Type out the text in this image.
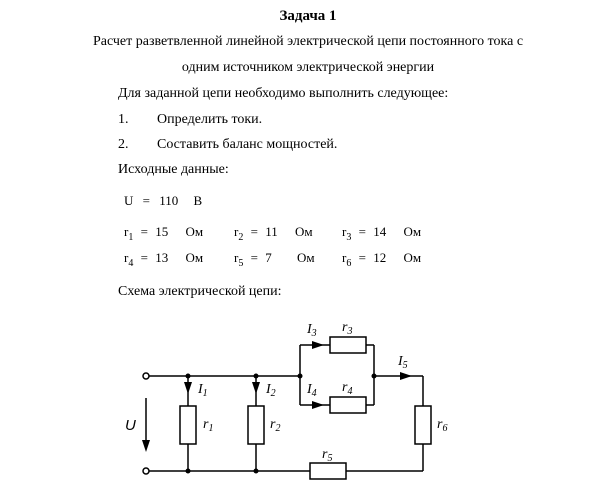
Задача 1
Расчет разветвленной линейной электрической цепи постоянного тока с
одним источником электрической энергии
Для заданной цепи необходимо выполнить следующее:
1. Определить токи.
2. Составить баланс мощностей.
Исходные данные:
U = 110 В
$r_1 = 15$ Ом $r_2 = 11$ Ом $r_3 = 14$ Ом
$r_4 = 13$ Ом $r_5 = 7$ Ом $r_6 = 12$ Ом
Схема электрической цепи:
U
$I_1$	$I_2$
$I_3$
$I_4$
$I_5$
$r_1$	$r_2$
$r_3$
$r_4$
$r_5$
$r_6$
